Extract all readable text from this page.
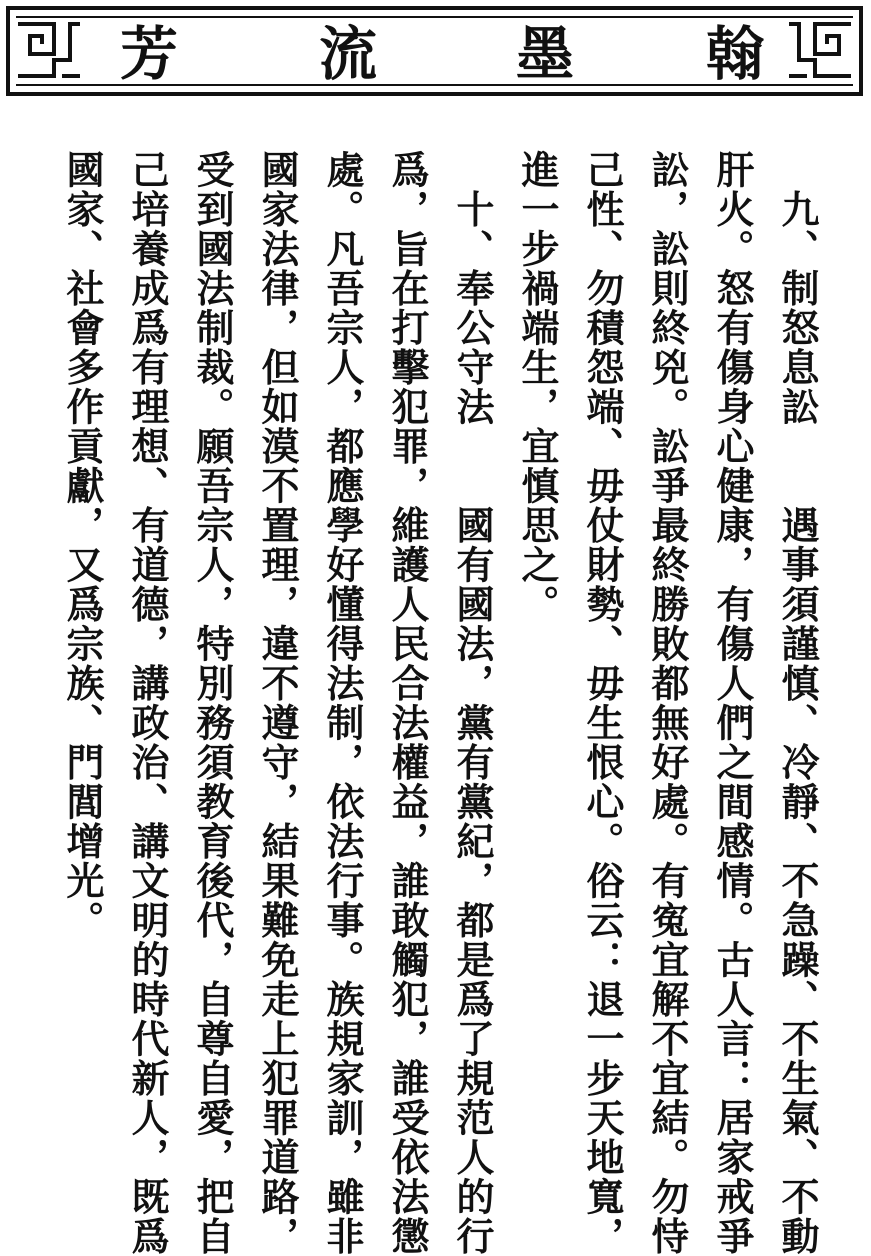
芳 流 墨 翰
　九、制怒息訟　　遇事須謹慎、冷靜、不急躁、不生氣、不動
肝火。怒有傷身心健康，有傷人們之間感情。古人言：居家戒爭
訟，訟則終兇。訟爭最終勝敗都無好處。有寃宜解不宜結。勿恃
己性、勿積怨端、毋仗財勢、毋生恨心。俗云：退一步天地寬，
進一步禍端生，宜慎思之。
　十、奉公守法　　國有國法，黨有黨紀，都是爲了規范人的行
爲，旨在打擊犯罪，維護人民合法權益，誰敢觸犯，誰受依法懲
處。凡吾宗人，都應學好懂得法制，依法行事。族規家訓，雖非
國家法律，但如漠不置理，違不遵守，結果難免走上犯罪道路，
受到國法制裁。願吾宗人，特別務須教育後代，自尊自愛，把自
己培養成爲有理想、有道德，講政治、講文明的時代新人，既爲
國家、社會多作貢獻，又爲宗族、門閭增光。
